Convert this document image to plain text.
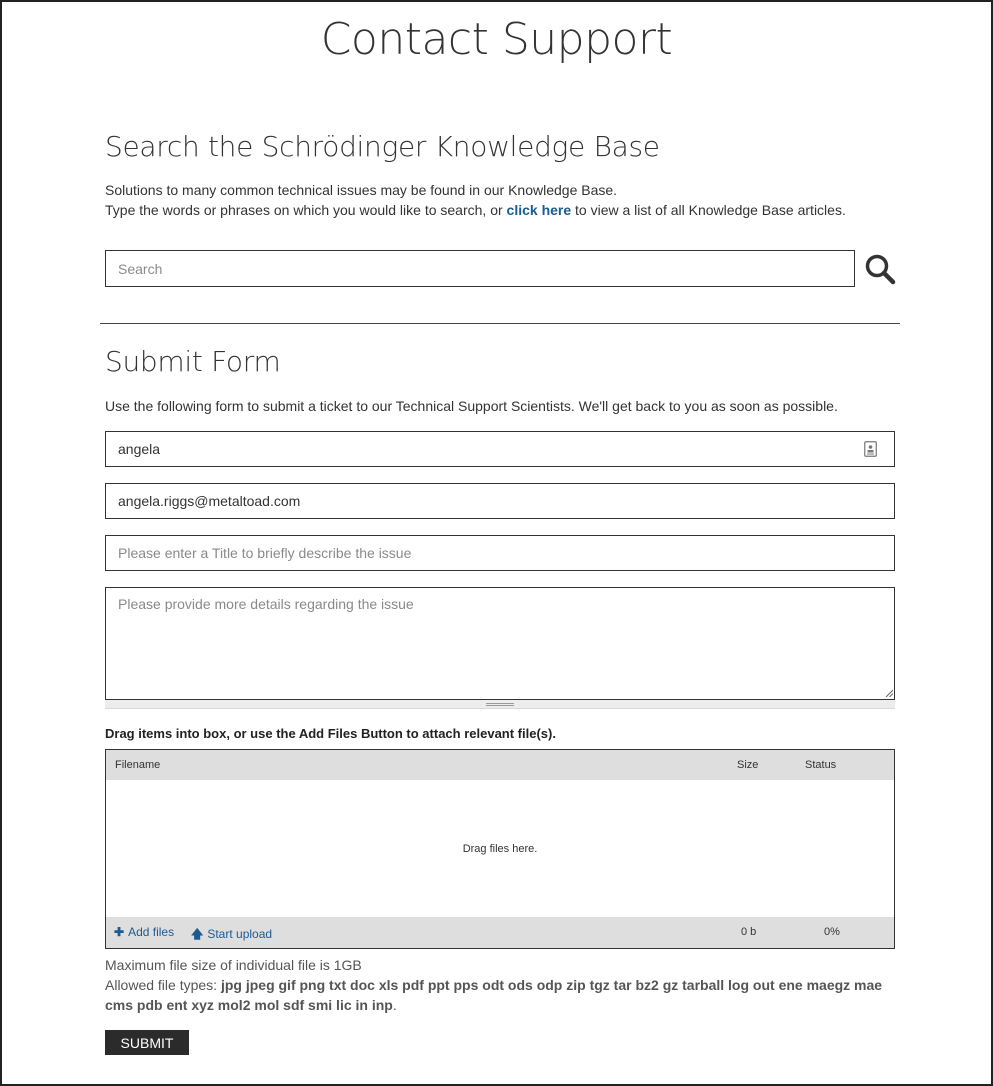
Contact Support
Search the Schrödinger Knowledge Base
Solutions to many common technical issues may be found in our Knowledge Base.
Type the words or phrases on which you would like to search, or click here to view a list of all Knowledge Base articles.
Search
Submit Form
Use the following form to submit a ticket to our Technical Support Scientists. We'll get back to you as soon as possible.
angela
angela.riggs@metaltoad.com
Please enter a Title to briefly describe the issue
Please provide more details regarding the issue
Drag items into box, or use the Add Files Button to attach relevant file(s).
Filename	Size	Status
Drag files here.
✚ Add files 🡅 Start upload	0 b	0%
Maximum file size of individual file is 1GB
Allowed file types: jpg jpeg gif png txt doc xls pdf ppt pps odt ods odp zip tgz tar bz2 gz tarball log out ene maegz mae cms pdb ent xyz mol2 mol sdf smi lic in inp.
SUBMIT
